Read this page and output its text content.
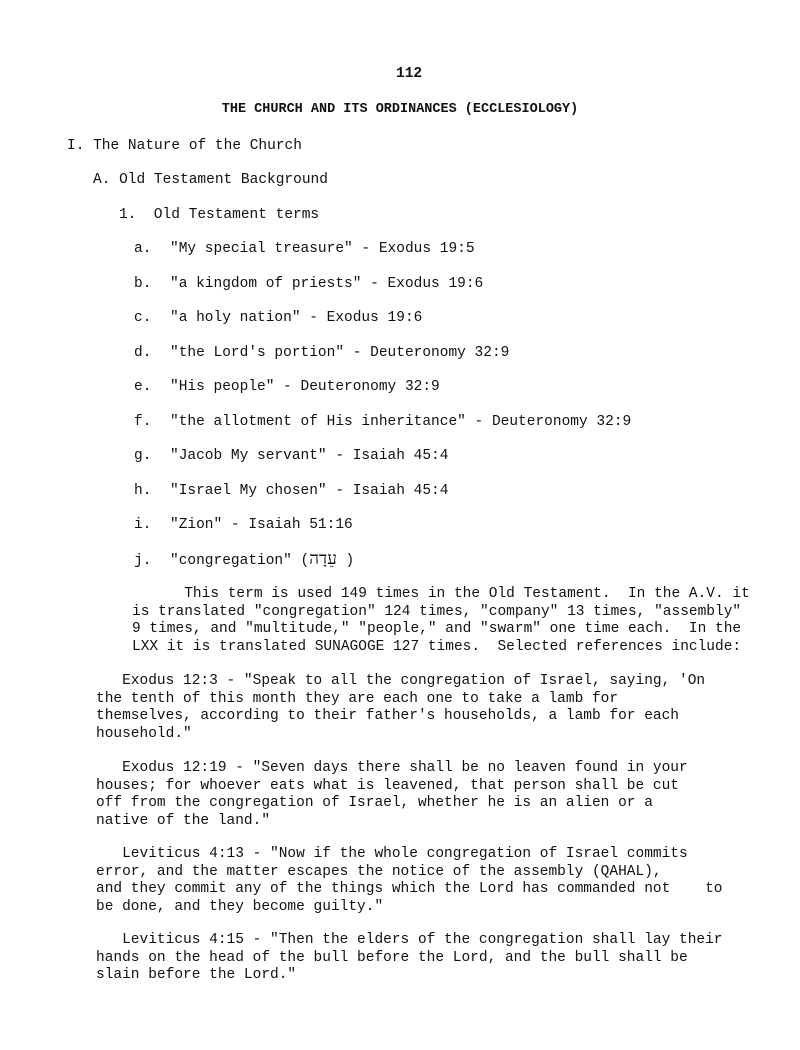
112
THE CHURCH AND ITS ORDINANCES (ECCLESIOLOGY)
I. The Nature of the Church
A. Old Testament Background
1.  Old Testament terms
a. "My special treasure" - Exodus 19:5
b. "a kingdom of priests" - Exodus 19:6
c. "a holy nation" - Exodus 19:6
d. "the Lord's portion" - Deuteronomy 32:9
e. "His people" - Deuteronomy 32:9
f. "the allotment of His inheritance" - Deuteronomy 32:9
g. "Jacob My servant" - Isaiah 45:4
h. "Israel My chosen" - Isaiah 45:4
i. "Zion" - Isaiah 51:16
j. "congregation" (עֵדָה )
This term is used 149 times in the Old Testament.  In the A.V. it
is translated "congregation" 124 times, "company" 13 times, "assembly"
9 times, and "multitude," "people," and "swarm" one time each.  In the
LXX it is translated SUNAGOGE 127 times.  Selected references include:
Exodus 12:3 - "Speak to all the congregation of Israel, saying, 'On
the tenth of this month they are each one to take a lamb for
themselves, according to their father's households, a lamb for each
household."
Exodus 12:19 - "Seven days there shall be no leaven found in your
houses; for whoever eats what is leavened, that person shall be cut
off from the congregation of Israel, whether he is an alien or a
native of the land."
Leviticus 4:13 - "Now if the whole congregation of Israel commits
error, and the matter escapes the notice of the assembly (QAHAL),
and they commit any of the things which the Lord has commanded not    to
be done, and they become guilty."
Leviticus 4:15 - "Then the elders of the congregation shall lay their
hands on the head of the bull before the Lord, and the bull shall be
slain before the Lord."
